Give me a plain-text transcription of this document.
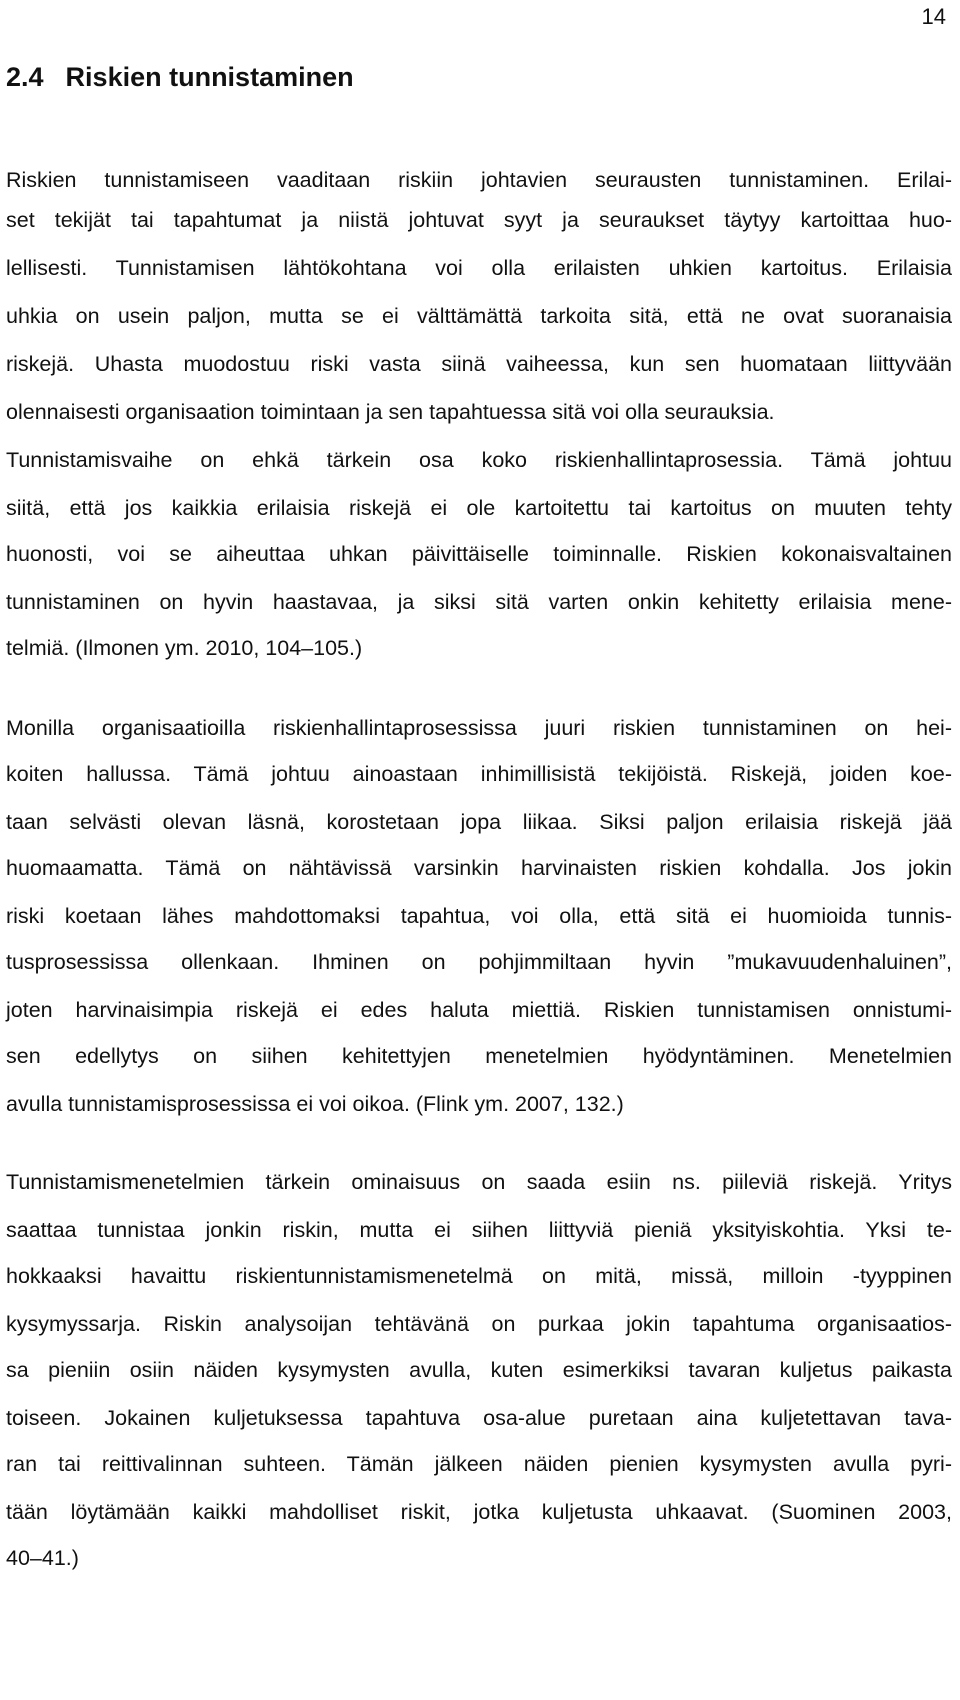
14
2.4 Riskien tunnistaminen

Riskien tunnistamiseen vaaditaan riskiin johtavien seurausten tunnistaminen. Erilai-

set tekijät tai tapahtumat ja niistä johtuvat syyt ja seuraukset täytyy kartoittaa huo-

lellisesti. Tunnistamisen lähtökohtana voi olla erilaisten uhkien kartoitus. Erilaisia

uhkia on usein paljon, mutta se ei välttämättä tarkoita sitä, että ne ovat suoranaisia

riskejä. Uhasta muodostuu riski vasta siinä vaiheessa, kun sen huomataan liittyvään

olennaisesti organisaation toimintaan ja sen tapahtuessa sitä voi olla seurauksia.

Tunnistamisvaihe on ehkä tärkein osa koko riskienhallintaprosessia. Tämä johtuu

siitä, että jos kaikkia erilaisia riskejä ei ole kartoitettu tai kartoitus on muuten tehty

huonosti, voi se aiheuttaa uhkan päivittäiselle toiminnalle. Riskien kokonaisvaltainen

tunnistaminen on hyvin haastavaa, ja siksi sitä varten onkin kehitetty erilaisia mene-

telmiä. (Ilmonen ym. 2010, 104–105.)

Monilla organisaatioilla riskienhallintaprosessissa juuri riskien tunnistaminen on hei-

koiten hallussa. Tämä johtuu ainoastaan inhimillisistä tekijöistä. Riskejä, joiden koe-

taan selvästi olevan läsnä, korostetaan jopa liikaa. Siksi paljon erilaisia riskejä jää

huomaamatta. Tämä on nähtävissä varsinkin harvinaisten riskien kohdalla. Jos jokin

riski koetaan lähes mahdottomaksi tapahtua, voi olla, että sitä ei huomioida tunnis-

tusprosessissa ollenkaan. Ihminen on pohjimmiltaan hyvin ”mukavuudenhaluinen”,

joten harvinaisimpia riskejä ei edes haluta miettiä. Riskien tunnistamisen onnistumi-

sen edellytys on siihen kehitettyjen menetelmien hyödyntäminen. Menetelmien

avulla tunnistamisprosessissa ei voi oikoa. (Flink ym. 2007, 132.)

Tunnistamismenetelmien tärkein ominaisuus on saada esiin ns. piileviä riskejä. Yritys

saattaa tunnistaa jonkin riskin, mutta ei siihen liittyviä pieniä yksityiskohtia. Yksi te-

hokkaaksi havaittu riskientunnistamismenetelmä on mitä, missä, milloin -tyyppinen

kysymyssarja. Riskin analysoijan tehtävänä on purkaa jokin tapahtuma organisaatios-

sa pieniin osiin näiden kysymysten avulla, kuten esimerkiksi tavaran kuljetus paikasta

toiseen. Jokainen kuljetuksessa tapahtuva osa-alue puretaan aina kuljetettavan tava-

ran tai reittivalinnan suhteen. Tämän jälkeen näiden pienien kysymysten avulla pyri-

tään löytämään kaikki mahdolliset riskit, jotka kuljetusta uhkaavat. (Suominen 2003,

40–41.)
